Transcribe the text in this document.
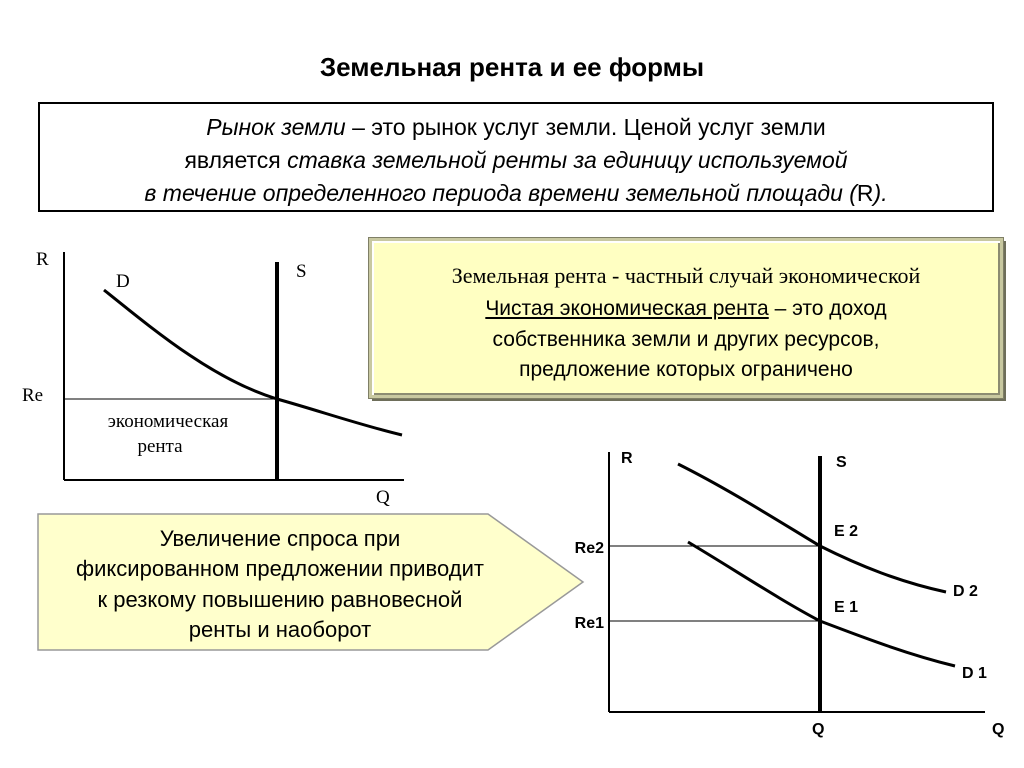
Земельная рента и ее формы
Рынок земли – это рынок услуг земли. Ценой услуг земли
является ставка земельной ренты за единицу используемой
в течение определенного периода времени земельной площади (R).
R
S
D
Re
экономическая
рента
Q
R	S
E 2
E 1
D 2
D 1
Re2
Re1
Q	Q
Земельная рента - частный случай экономической
Чистая экономическая рента – это доход
собственника земли и других ресурсов,
предложение которых ограничено
Увеличение спроса при
фиксированном предложении приводит
к резкому повышению равновесной
ренты и наоборот
